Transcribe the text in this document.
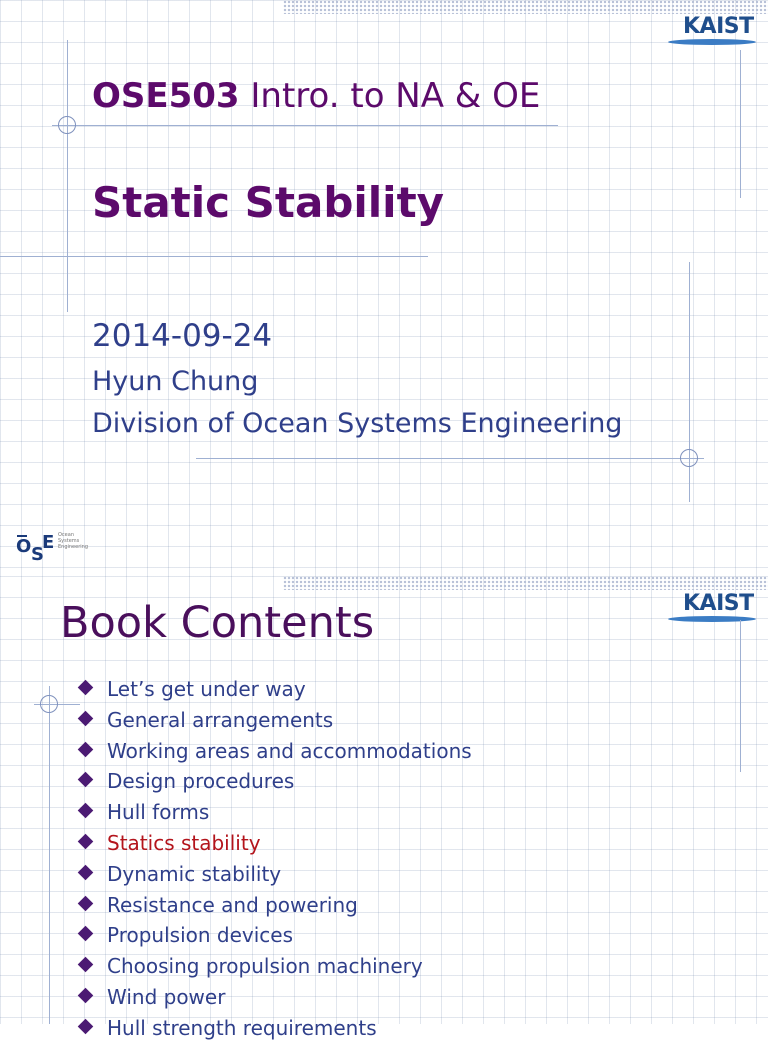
KAIST
OSE503 Intro. to NA & OE
Static Stability
2014-09-24
Hyun Chung
Division of Ocean Systems Engineering
O S
E Ocean
Systems
Engineering
KAIST
Book Contents
Let’s get under way
General arrangements
Working areas and accommodations
Design procedures
Hull forms
Statics stability
Dynamic stability
Resistance and powering
Propulsion devices
Choosing propulsion machinery
Wind power
Hull strength requirements
